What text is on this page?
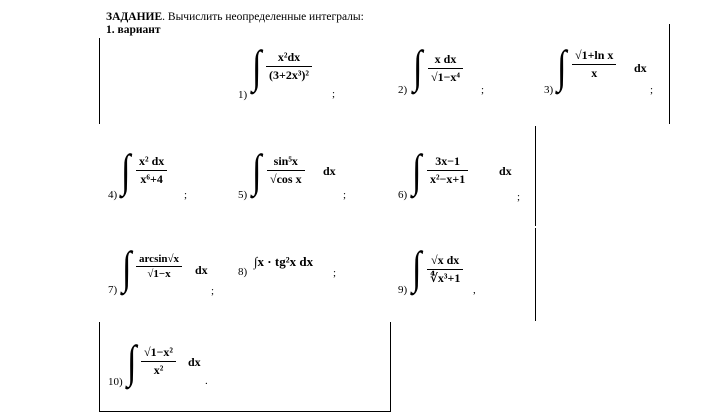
ЗАДАНИЕ. Вычислить неопределенные интегралы:
1. вариант
1)
∫ x²dx
(3+2x³)²
;	2) ∫ x dx
√1−x⁴
;	3) ∫ √1+ln x
x	dx
;
4) ∫ x² dx
x⁶+4
;	5) ∫ sin⁵x
√cos x
dx
;	6) ∫ 3x−1
x²−x+1
dx
;
7) ∫ arcsin√x
√1−x dx
;
8)
∫x · tg²x dx
;
9) ∫ √x dx
∜x³+1
,
10) ∫ √1−x²
x²
dx
.
